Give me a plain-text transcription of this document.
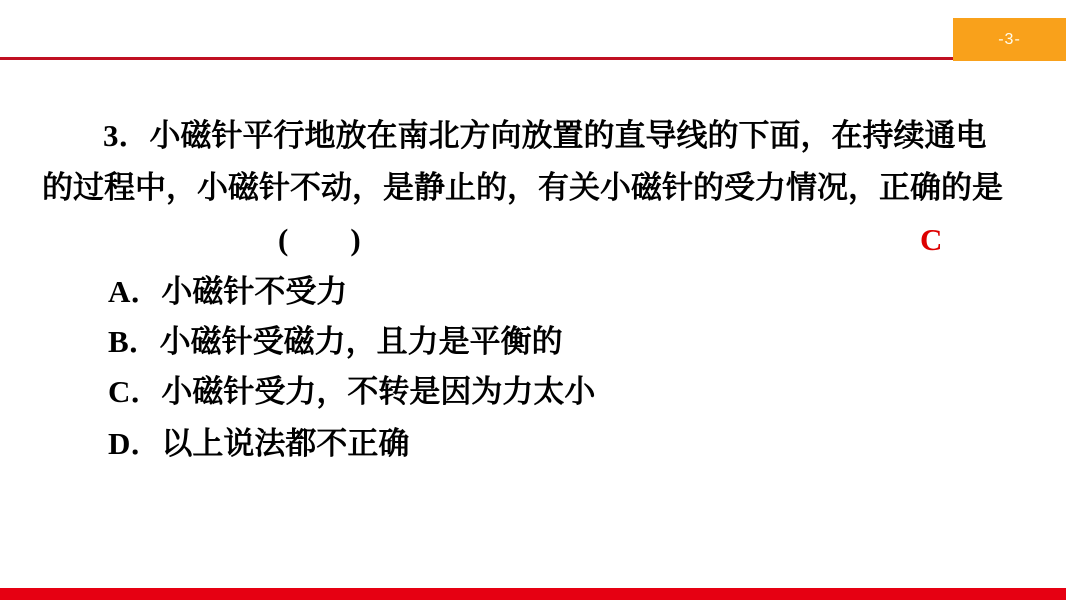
-3-
3．小磁针平行地放在南北方向放置的直导线的下面，在持续通电
的过程中，小磁针不动，是静止的，有关小磁针的受力情况，正确的是
(　　)	C
A．小磁针不受力
B．小磁针受磁力，且力是平衡的
C．小磁针受力，不转是因为力太小
D．以上说法都不正确
